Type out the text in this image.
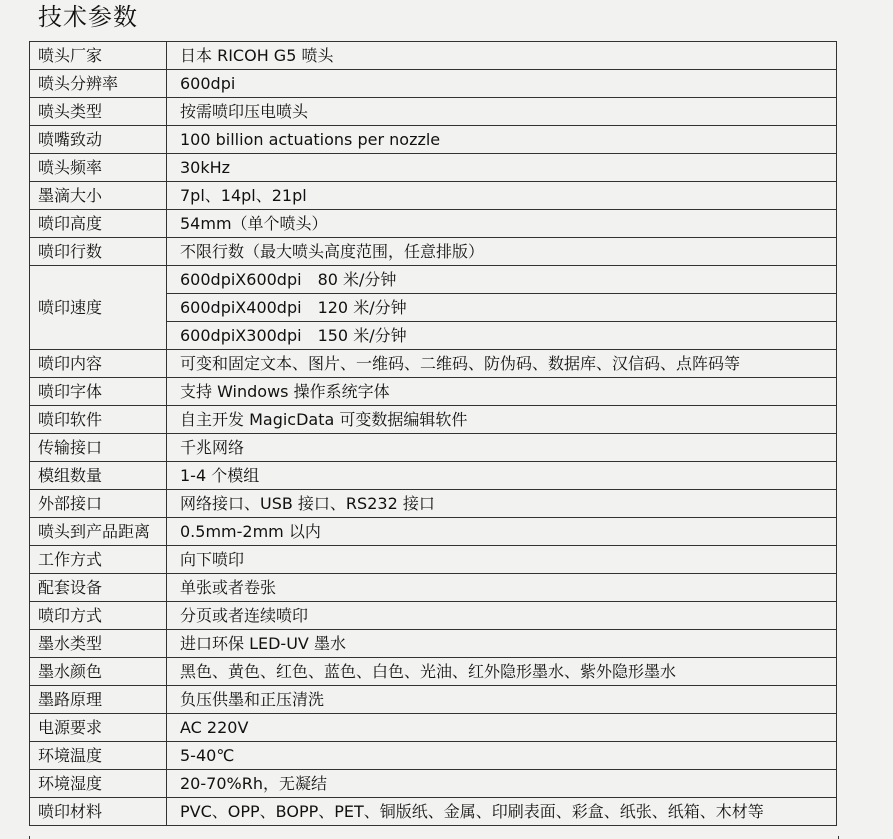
技术参数
喷头厂家	日本 RICOH G5 喷头
喷头分辨率	600dpi
喷头类型	按需喷印压电喷头
喷嘴致动	100 billion actuations per nozzle
喷头频率	30kHz
墨滴大小	7pl、14pl、21pl
喷印高度	54mm（单个喷头）
喷印行数	不限行数（最大喷头高度范围，任意排版）
喷印速度	600dpiX600dpi 80 米/分钟
	600dpiX400dpi 120 米/分钟
	600dpiX300dpi 150 米/分钟
喷印内容	可变和固定文本、图片、一维码、二维码、防伪码、数据库、汉信码、点阵码等
喷印字体	支持 Windows 操作系统字体
喷印软件	自主开发 MagicData 可变数据编辑软件
传输接口	千兆网络
模组数量	1-4 个模组
外部接口	网络接口、USB 接口、RS232 接口
喷头到产品距离	0.5mm-2mm 以内
工作方式	向下喷印
配套设备	单张或者卷张
喷印方式	分页或者连续喷印
墨水类型	进口环保 LED-UV 墨水
墨水颜色	黑色、黄色、红色、蓝色、白色、光油、红外隐形墨水、紫外隐形墨水
墨路原理	负压供墨和正压清洗
电源要求	AC 220V
环境温度	5-40℃
环境湿度	20-70%Rh，无凝结
喷印材料	PVC、OPP、BOPP、PET、铜版纸、金属、印刷表面、彩盒、纸张、纸箱、木材等
